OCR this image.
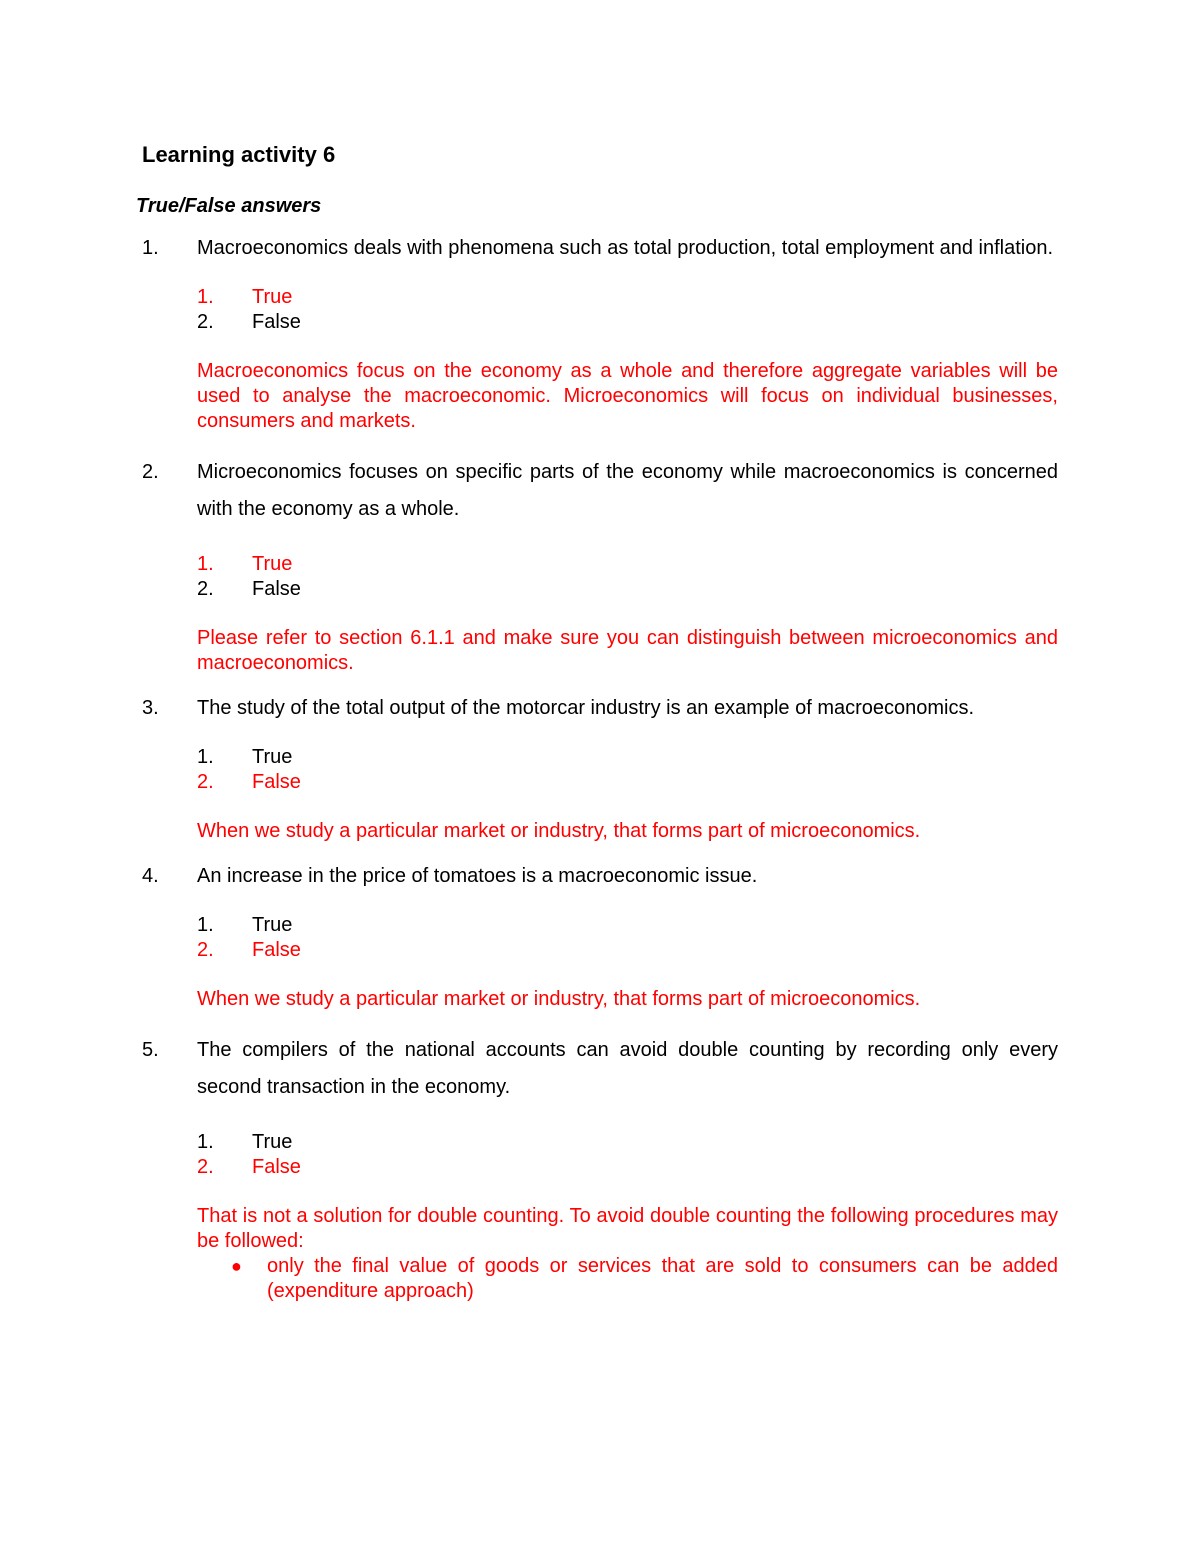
Learning activity 6
True/False answers
1.	Macroeconomics deals with phenomena such as total production, total employment and inflation.
1.	True
2.	False
Macroeconomics focus on the economy as a whole and therefore aggregate variables will be used to analyse the macroeconomic. Microeconomics will focus on individual businesses, consumers and markets.
2.	Microeconomics focuses on specific parts of the economy while macroeconomics is concerned with the economy as a whole.
1.	True
2.	False
Please refer to section 6.1.1 and make sure you can distinguish between microeconomics and macroeconomics.
3.	The study of the total output of the motorcar industry is an example of macroeconomics.
1.	True
2.	False
When we study a particular market or industry, that forms part of microeconomics.
4.	An increase in the price of tomatoes is a macroeconomic issue.
1.	True
2.	False
When we study a particular market or industry, that forms part of microeconomics.
5.	The compilers of the national accounts can avoid double counting by recording only every second transaction in the economy.
1.	True
2.	False
That is not a solution for double counting. To avoid double counting the following procedures may be followed:
●	only the final value of goods or services that are sold to consumers can be added (expenditure approach)
